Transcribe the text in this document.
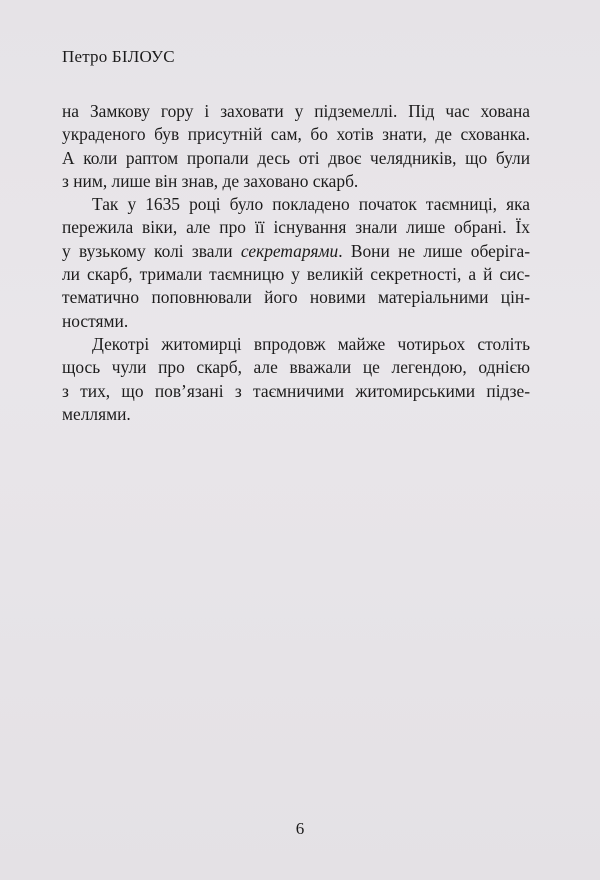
Петро БІЛОУС
на Замкову гору і заховати у підземеллі. Під час хована
украденого був присутній сам, бо хотів знати, де схованка.
А коли раптом пропали десь оті двоє челядників, що були
з ним, лише він знав, де заховано скарб.
Так у 1635 році було покладено початок таємниці, яка
пережила віки, але про її існування знали лише обрані. Їх
у вузькому колі звали секретарями. Вони не лише оберіга-
ли скарб, тримали таємницю у великій секретності, а й сис-
тематично поповнювали його новими матеріальними цін-
ностями.
Декотрі житомирці впродовж майже чотирьох століть
щось чули про скарб, але вважали це легендою, однією
з тих, що пов’язані з таємничими житомирськими підзе-
меллями.
6
